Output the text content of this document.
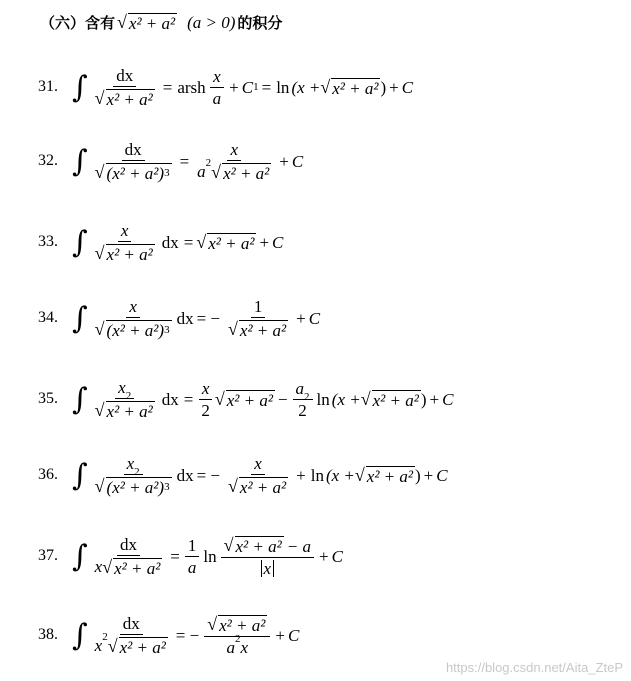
（六）含有 √ x² + a² (a > 0) 的积分
31. ∫ $\frac{dx}{\text{√ x² + a²}}$ = arsh $\frac{x}{a} + C$ 1 = ln (x + √ x² + a² ) + C
32. ∫ $\frac{dx}{\text{√ (x² + a²) 3}} = \frac{x}{\text{a 2 √ x² + a²}} + C$
33. ∫ $\frac{x}{\text{√ x² + a²}}$ dx = √ x² + a² + C
34. ∫ $\frac{x}{\text{√ (x² + a²) 3}}$ dx = − $\frac{1}{\text{√ x² + a²}} + C$
35. ∫ $\frac{x 2}{\text{√ x² + a²}}$ dx = $\frac{x}{2}$ √ $x^2 + a^2 - \frac{a 2}{2}$ ln (x + √ x² + a² ) + C
36. ∫ $\frac{x 2}{\text{√ (x² + a²) 3}}$ dx = − $\frac{x}{\text{√ x² + a²}} + \ln (x$ + √ x² + a² ) + C
37. ∫ $\frac{dx}{\text{x √ x² + a²}} = \frac{1}{a}$ $\ln \frac{\text{√ x² + a² − a}}{x} + C$
38. ∫ $\frac{dx}{\text{x 2 √ x² + a²}}$ = − $\frac{\text{√ x² + a²}}{a 2 x} + C$
https://blog.csdn.net/Aita_ZteP
